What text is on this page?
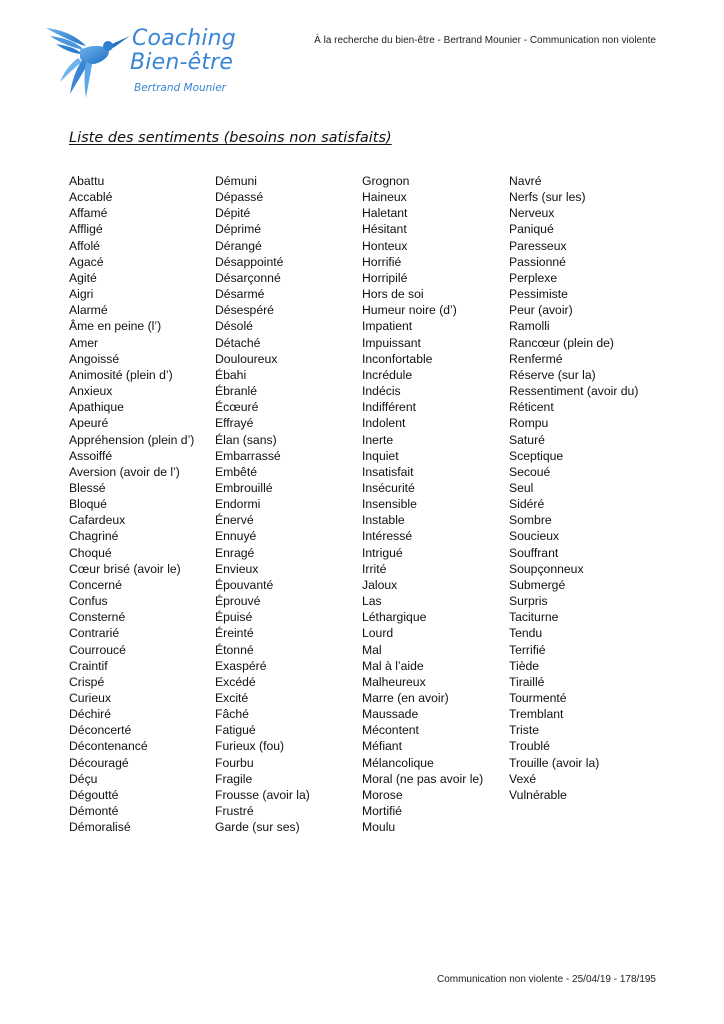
Coaching
Bien-être
Bertrand Mounier
À la recherche du bien-être - Bertrand Mounier - Communication non violente
Liste des sentiments (besoins non satisfaits)
Abattu
Accablé
Affamé
Affligé
Affolé
Agacé
Agité
Aigri
Alarmé
Âme en peine (l’)
Amer
Angoissé
Animosité (plein d’)
Anxieux
Apathique
Apeuré
Appréhension (plein d’)
Assoiffé
Aversion (avoir de l’)
Blessé
Bloqué
Cafardeux
Chagriné
Choqué
Cœur brisé (avoir le)
Concerné
Confus
Consterné
Contrarié
Courroucé
Craintif
Crispé
Curieux
Déchiré
Déconcerté
Décontenancé
Découragé
Déçu
Dégoutté
Démonté
Démoralisé
Démuni
Dépassé
Dépité
Déprimé
Dérangé
Désappointé
Désarçonné
Désarmé
Désespéré
Désolé
Détaché
Douloureux
Ébahi
Ébranlé
Écœuré
Effrayé
Élan (sans)
Embarrassé
Embêté
Embrouillé
Endormi
Énervé
Ennuyé
Enragé
Envieux
Épouvanté
Éprouvé
Épuisé
Éreinté
Étonné
Exaspéré
Excédé
Excité
Fâché
Fatigué
Furieux (fou)
Fourbu
Fragile
Frousse (avoir la)
Frustré
Garde (sur ses)
Grognon
Haineux
Haletant
Hésitant
Honteux
Horrifié
Horripilé
Hors de soi
Humeur noire (d’)
Impatient
Impuissant
Inconfortable
Incrédule
Indécis
Indifférent
Indolent
Inerte
Inquiet
Insatisfait
Insécurité
Insensible
Instable
Intéressé
Intrigué
Irrité
Jaloux
Las
Léthargique
Lourd
Mal
Mal à l’aide
Malheureux
Marre (en avoir)
Maussade
Mécontent
Méfiant
Mélancolique
Moral (ne pas avoir le)
Morose
Mortifié
Moulu
Navré
Nerfs (sur les)
Nerveux
Paniqué
Paresseux
Passionné
Perplexe
Pessimiste
Peur (avoir)
Ramolli
Rancœur (plein de)
Renfermé
Réserve (sur la)
Ressentiment (avoir du)
Réticent
Rompu
Saturé
Sceptique
Secoué
Seul
Sidéré
Sombre
Soucieux
Souffrant
Soupçonneux
Submergé
Surpris
Taciturne
Tendu
Terrifié
Tiède
Tiraillé
Tourmenté
Tremblant
Triste
Troublé
Trouille (avoir la)
Vexé
Vulnérable
Communication non violente - 25/04/19 - 178/195
